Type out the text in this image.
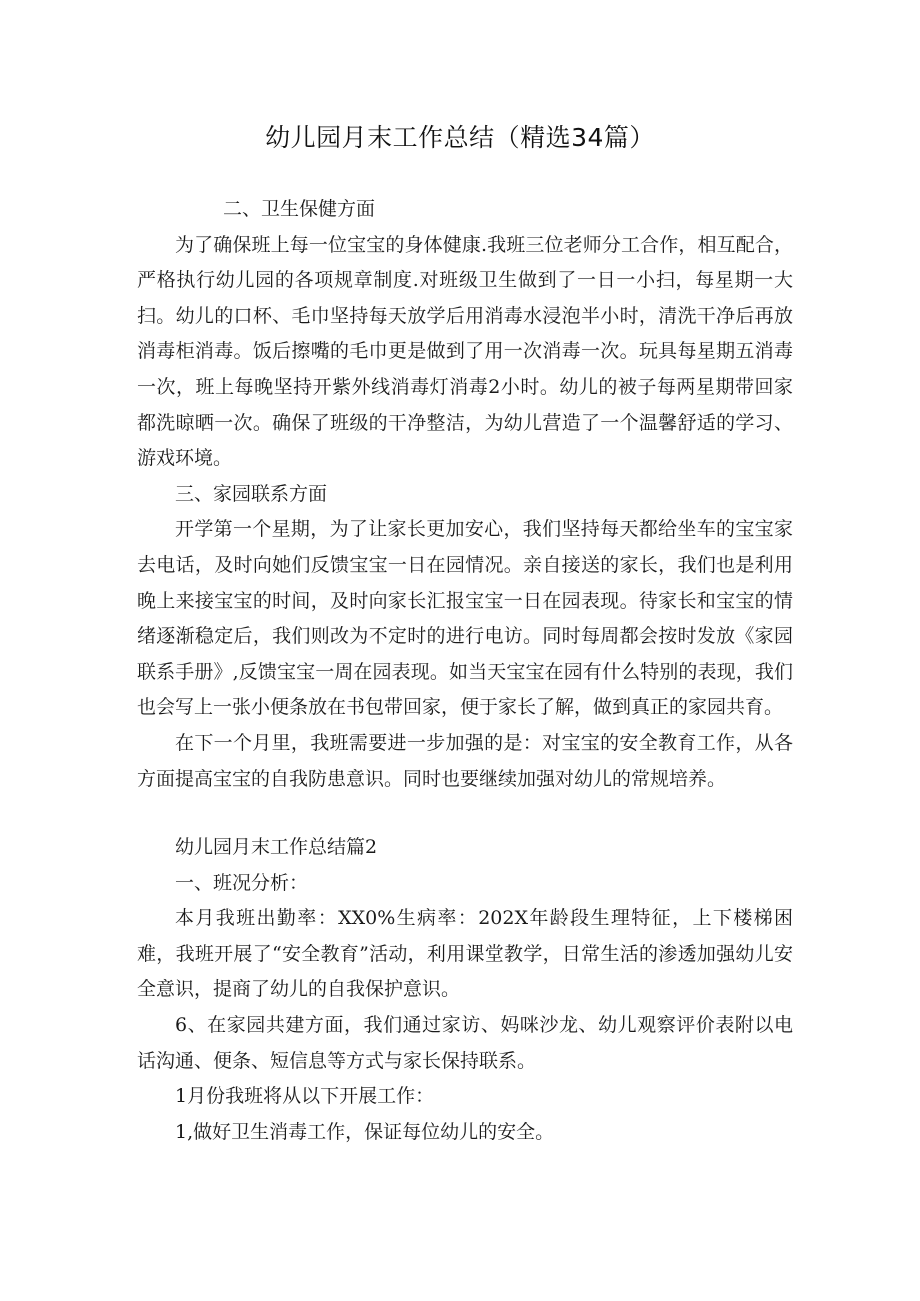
幼儿园月末工作总结（精选34篇）

二、卫生保健方面

为了确保班上每一位宝宝的身体健康.我班三位老师分工合作，相互配合，严格执行幼儿园的各项规章制度.对班级卫生做到了一日一小扫，每星期一大扫。幼儿的口杯、毛巾坚持每天放学后用消毒水浸泡半小时，清洗干净后再放消毒柜消毒。饭后擦嘴的毛巾更是做到了用一次消毒一次。玩具每星期五消毒一次，班上每晚坚持开紫外线消毒灯消毒2小时。幼儿的被子每两星期带回家都洗晾晒一次。确保了班级的干净整洁，为幼儿营造了一个温馨舒适的学习、游戏环境。

三、家园联系方面

开学第一个星期，为了让家长更加安心，我们坚持每天都给坐车的宝宝家去电话，及时向她们反馈宝宝一日在园情况。亲自接送的家长，我们也是利用晚上来接宝宝的时间，及时向家长汇报宝宝一日在园表现。待家长和宝宝的情绪逐渐稳定后，我们则改为不定时的进行电访。同时每周都会按时发放《家园联系手册》,反馈宝宝一周在园表现。如当天宝宝在园有什么特别的表现，我们也会写上一张小便条放在书包带回家，便于家长了解，做到真正的家园共育。

在下一个月里，我班需要进一步加强的是：对宝宝的安全教育工作，从各方面提高宝宝的自我防患意识。同时也要继续加强对幼儿的常规培养。

幼儿园月末工作总结篇2

一、班况分析：

本月我班出勤率：XX0%生病率：202X年龄段生理特征，上下楼梯困难，我班开展了“安全教育”活动，利用课堂教学，日常生活的渗透加强幼儿安全意识，提商了幼儿的自我保护意识。

6、在家园共建方面，我们通过家访、妈咪沙龙、幼儿观察评价表附以电话沟通、便条、短信息等方式与家长保持联系。

1月份我班将从以下开展工作：

1,做好卫生消毒工作，保证每位幼儿的安全。
